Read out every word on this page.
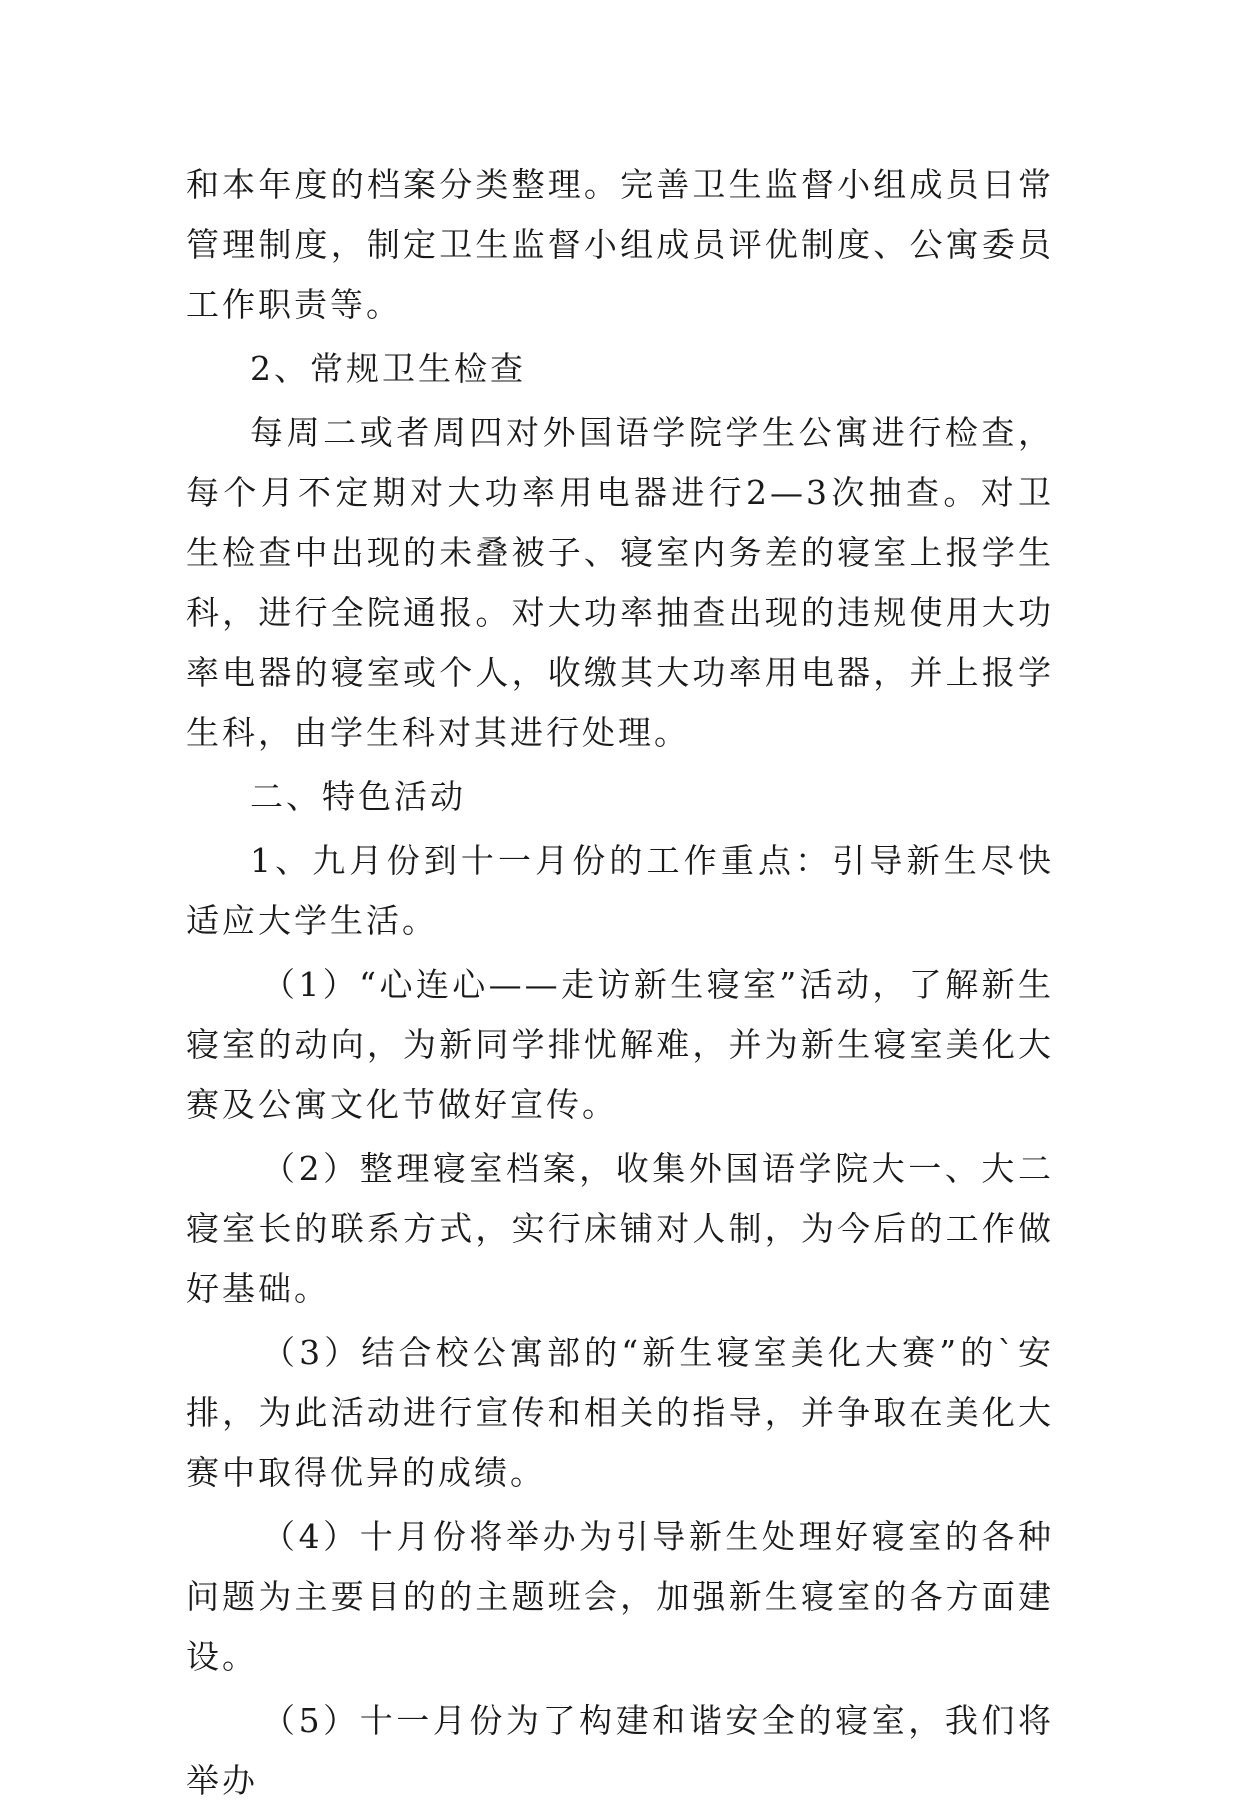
和本年度的档案分类整理。完善卫生监督小组成员日常管理制度，制定卫生监督小组成员评优制度、公寓委员工作职责等。

2、常规卫生检查

每周二或者周四对外国语学院学生公寓进行检查，每个月不定期对大功率用电器进行2—3次抽查。对卫生检查中出现的未叠被子、寝室内务差的寝室上报学生科，进行全院通报。对大功率抽查出现的违规使用大功率电器的寝室或个人，收缴其大功率用电器，并上报学生科，由学生科对其进行处理。

二、特色活动

1、九月份到十一月份的工作重点：引导新生尽快适应大学生活。

（1）“心连心——走访新生寝室”活动，了解新生寝室的动向，为新同学排忧解难，并为新生寝室美化大赛及公寓文化节做好宣传。

（2）整理寝室档案，收集外国语学院大一、大二寝室长的联系方式，实行床铺对人制，为今后的工作做好基础。

（3）结合校公寓部的“新生寝室美化大赛”的`安排，为此活动进行宣传和相关的指导，并争取在美化大赛中取得优异的成绩。

（4）十月份将举办为引导新生处理好寝室的各种问题为主要目的的主题班会，加强新生寝室的各方面建设。

（5）十一月份为了构建和谐安全的寝室，我们将举办
